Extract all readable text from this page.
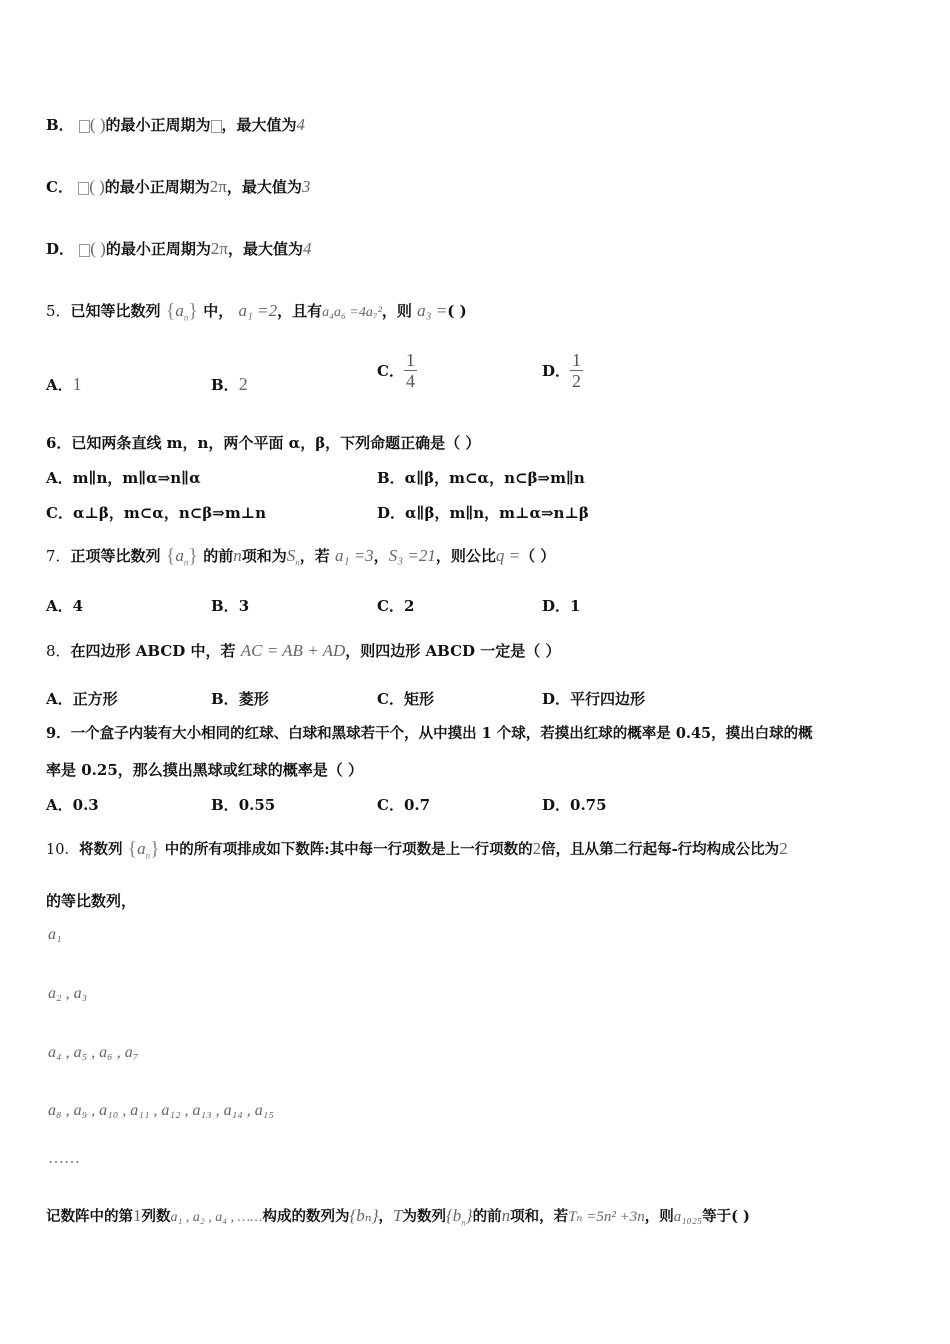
B． ( )的最小正周期为 ，最大值为4
C． ( )的最小正周期为2π，最大值为3
D． ( )的最小正周期为2π，最大值为4
5．已知等比数列 $\{a_n\}$ 中， a₁ =2，且有a₄a₆ =4a₇²，则 a₃ =( )
A．1	B．2
C． $\frac{1}{4}$	D． $\frac{1}{2}$
6．已知两条直线 m，n，两个平面 α，β，下列命题正确是（ ）
A．m∥n，m∥α⇒n∥α	B．α∥β，m⊂α，n⊂β⇒m∥n
C．α⊥β，m⊂α，n⊂β⇒m⊥n	D．α∥β，m∥n，m⊥α⇒n⊥β
7．正项等比数列 $\{a_n\}$ 的前n项和为$S_n$，若 a₁ =3，S₃ =21，则公比q =（ ）
A．4	B．3	C．2	D．1
8．在四边形 ABCD 中，若 AC = AB + AD，则四边形 ABCD 一定是（ ）
A．正方形	B．菱形	C．矩形	D．平行四边形
9．一个盒子内装有大小相同的红球、白球和黑球若干个，从中摸出 1 个球，若摸出红球的概率是 0.45，摸出白球的概
率是 0.25，那么摸出黑球或红球的概率是（ ）
A．0.3	B．0.55	C．0.7	D．0.75
10．将数列 $\{a_n\}$ 中的所有项排成如下数阵:其中每一行项数是上一行项数的2倍，且从第二行起每-行均构成公比为2
的等比数列，
a₁
a₂ , a₃
a₄ , a₅ , a₆ , a₇
a₈ , a₉ , a₁₀ , a₁₁ , a₁₂ , a₁₃ , a₁₄ , a₁₅
……
记数阵中的第1列数a₁ , a₂ , a₄ , ……构成的数列为{bₙ}，T为数列$\{b_n\}$的前n项和，若Tₙ =5n² +3n，则a₁₀₂₅等于( )
